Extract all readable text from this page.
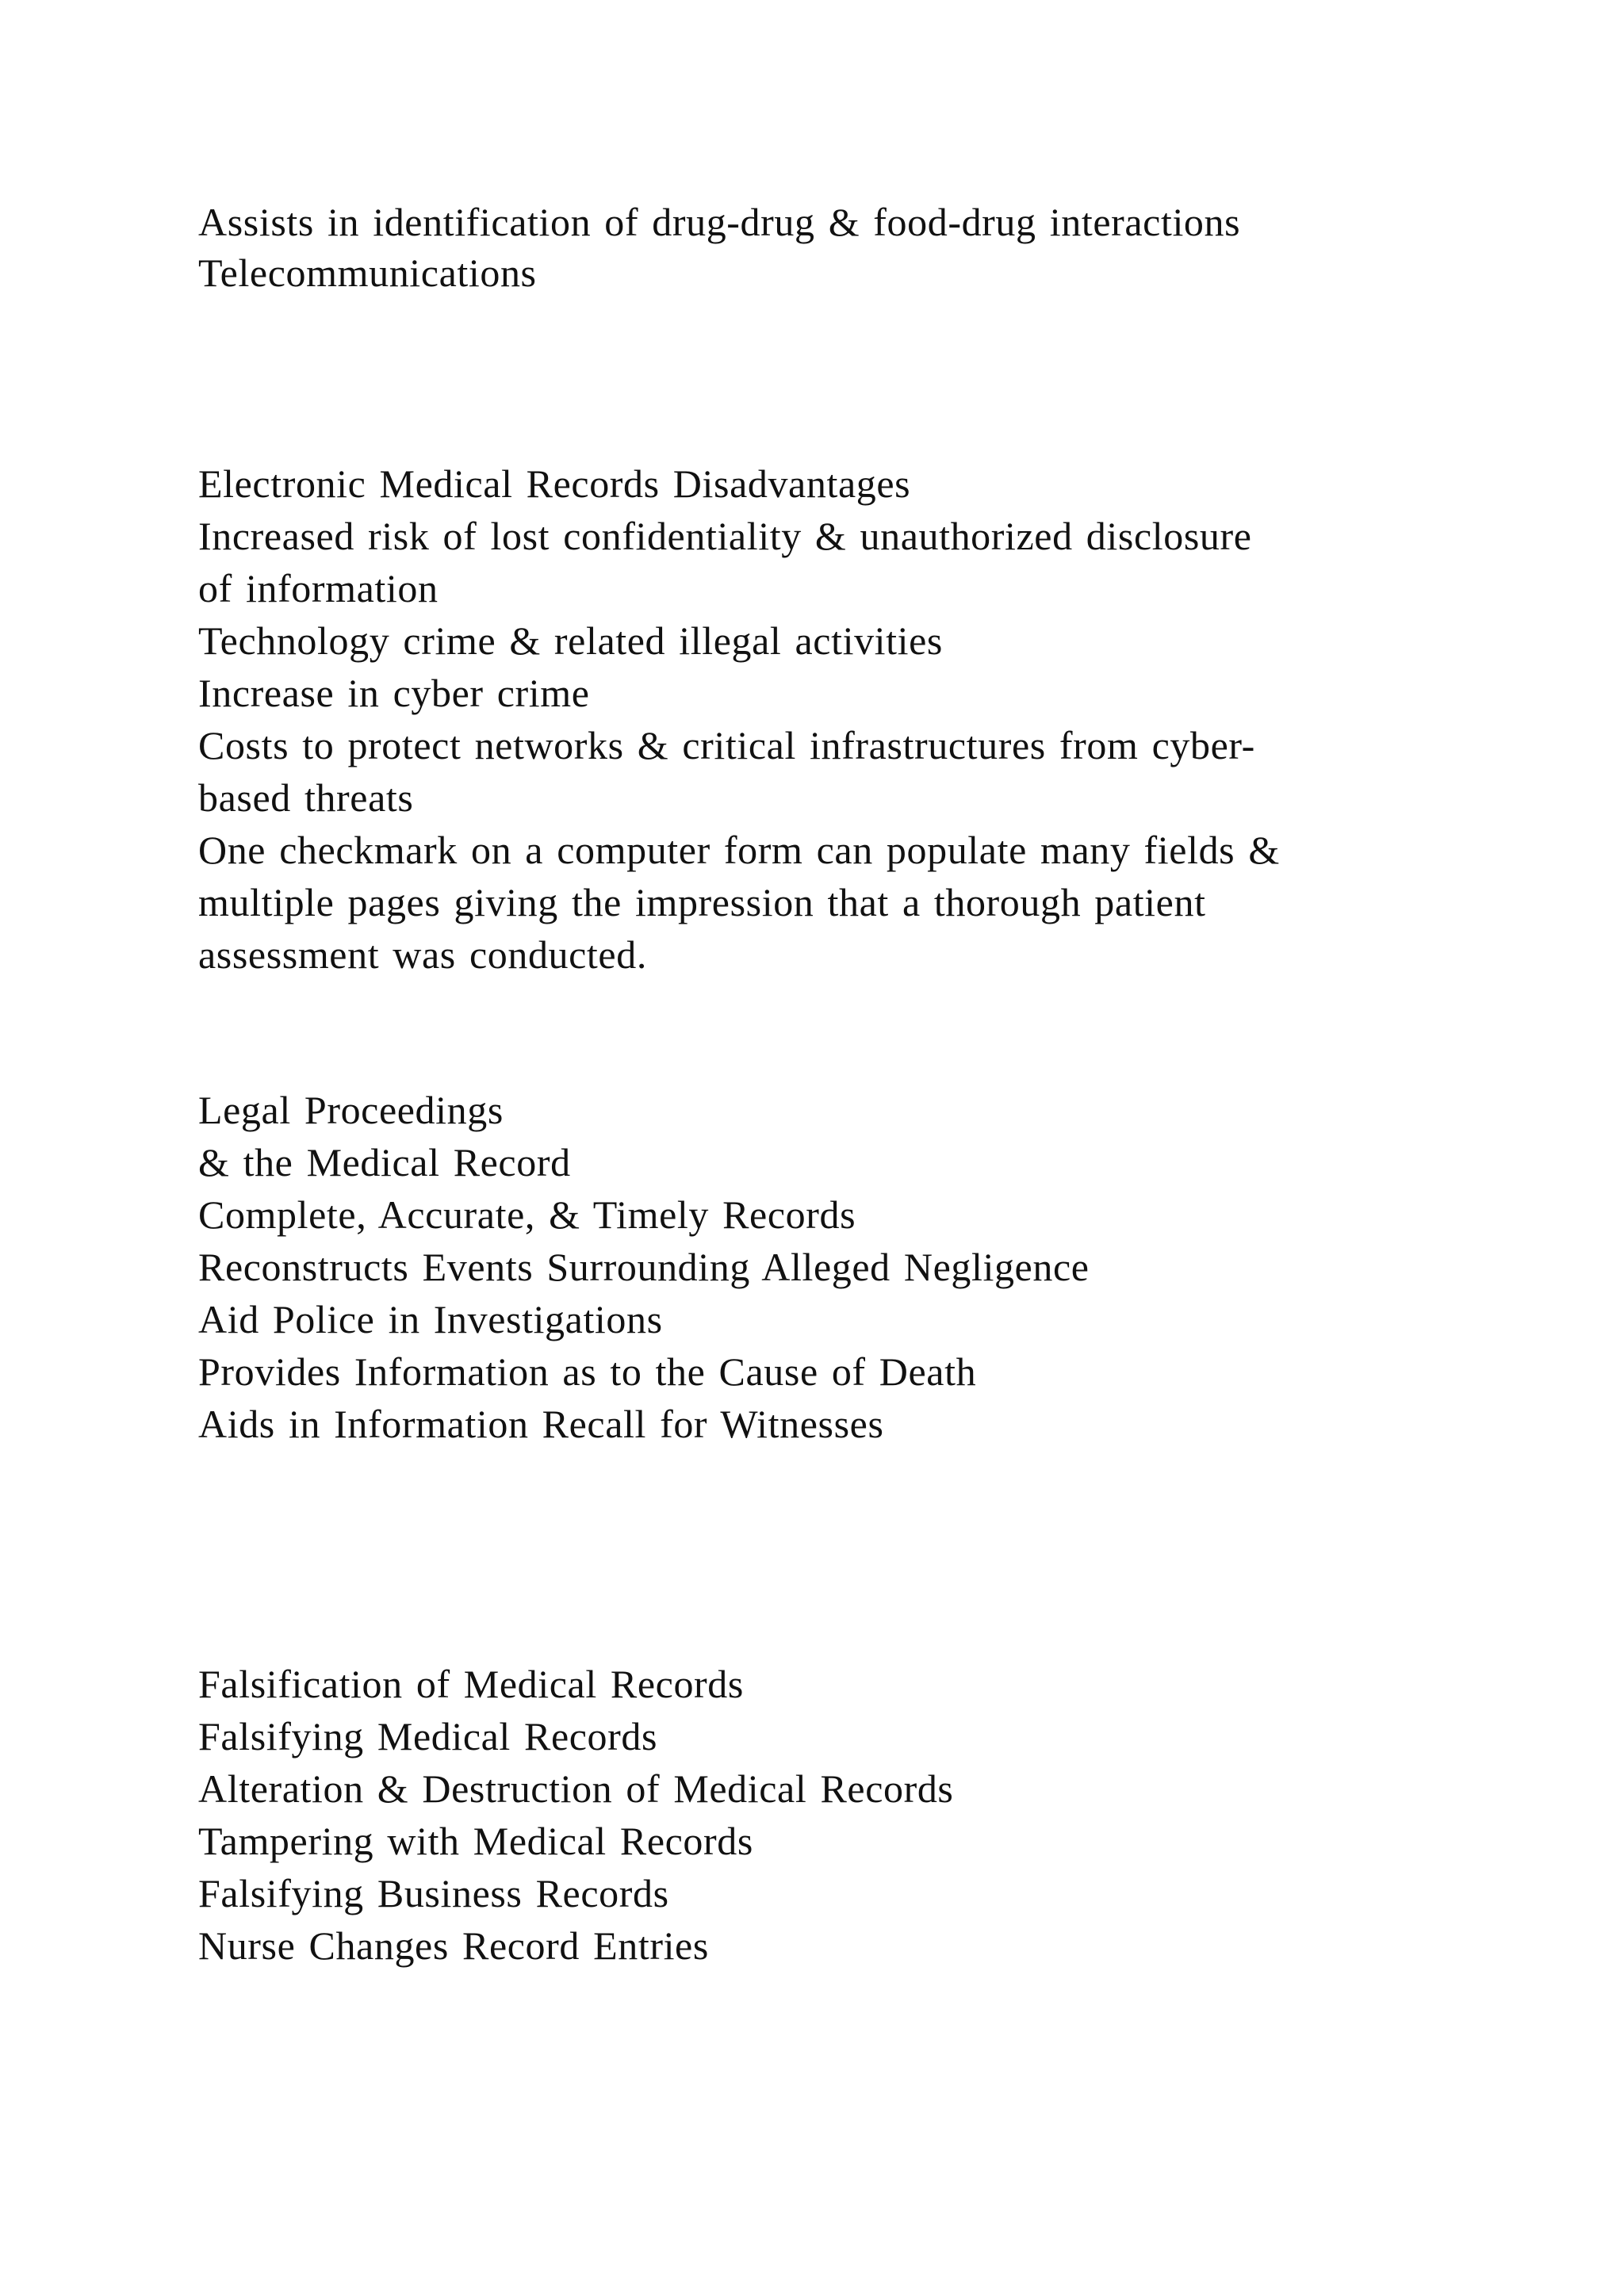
Assists in identification of drug-drug & food-drug interactions

Telecommunications

Electronic Medical Records Disadvantages

Increased risk of lost confidentiality & unauthorized disclosure

of information

Technology crime & related illegal activities

Increase in cyber crime

Costs to protect networks & critical infrastructures from cyber-

based threats

One checkmark on a computer form can populate many fields &

multiple pages giving the impression that a thorough patient

assessment was conducted.

Legal Proceedings

& the Medical Record

Complete, Accurate, & Timely Records

Reconstructs Events Surrounding Alleged Negligence

Aid Police in Investigations

Provides Information as to the Cause of Death

Aids in Information Recall for Witnesses

Falsification of Medical Records

Falsifying Medical Records

Alteration & Destruction of Medical Records

Tampering with Medical Records

Falsifying Business Records

Nurse Changes Record Entries
